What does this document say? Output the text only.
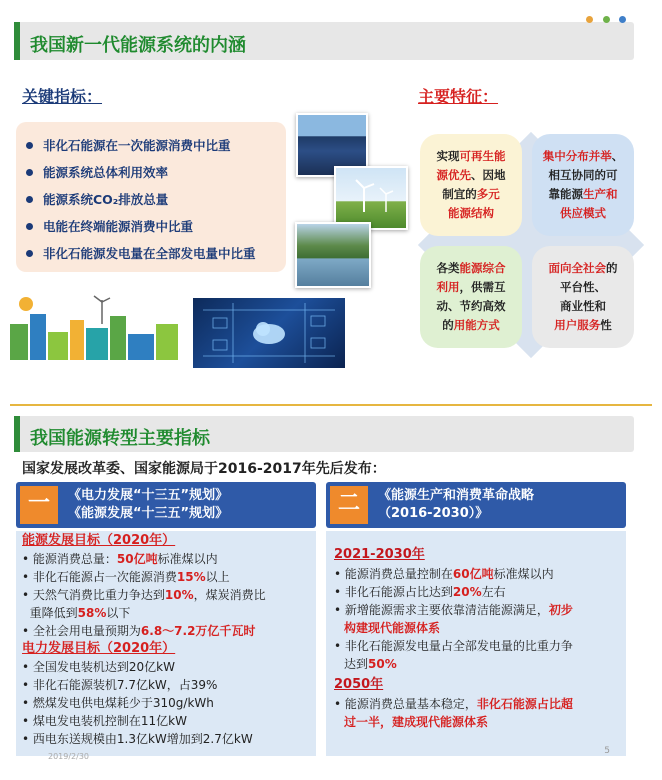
我国新一代能源系统的内涵
关键指标：	主要特征：
非化石能源在一次能源消费中比重
能源系统总体利用效率
能源系统CO₂排放总量
电能在终端能源消费中比重
非化石能源发电量在全部发电量中比重
实现可再生能
源优先、因地
制宜的多元
能源结构
集中分布并举、
相互协同的可
靠能源生产和
供应模式
各类能源综合
利用，供需互
动、节约高效
的用能方式
面向全社会的
平台性、
商业性和
用户服务性
我国能源转型主要指标
国家发展改革委、国家能源局于2016-2017年先后发布：
一	《电力发展“十三五”规划》
《能源发展“十三五”规划》	二	《能源生产和消费革命战略
（2016-2030）》
能源发展目标（2020年）
• 能源消费总量：50亿吨标准煤以内
• 非化石能源占一次能源消费15%以上
• 天然气消费比重力争达到10%，煤炭消费比
重降低到58%以下
• 全社会用电量预期为6.8～7.2万亿千瓦时
电力发展目标（2020年）
• 全国发电装机达到20亿kW
• 非化石能源装机7.7亿kW，占39%
• 燃煤发电供电煤耗少于310g/kWh
• 煤电发电装机控制在11亿kW
• 西电东送规模由1.3亿kW增加到2.7亿kW
2021-2030年
• 能源消费总量控制在60亿吨标准煤以内
• 非化石能源占比达到20%左右
• 新增能源需求主要依靠清洁能源满足，初步
构建现代能源体系
• 非化石能源发电量占全部发电量的比重力争
达到50%
2050年
• 能源消费总量基本稳定，非化石能源占比超
过一半，建成现代能源体系
5
2019/2/30
